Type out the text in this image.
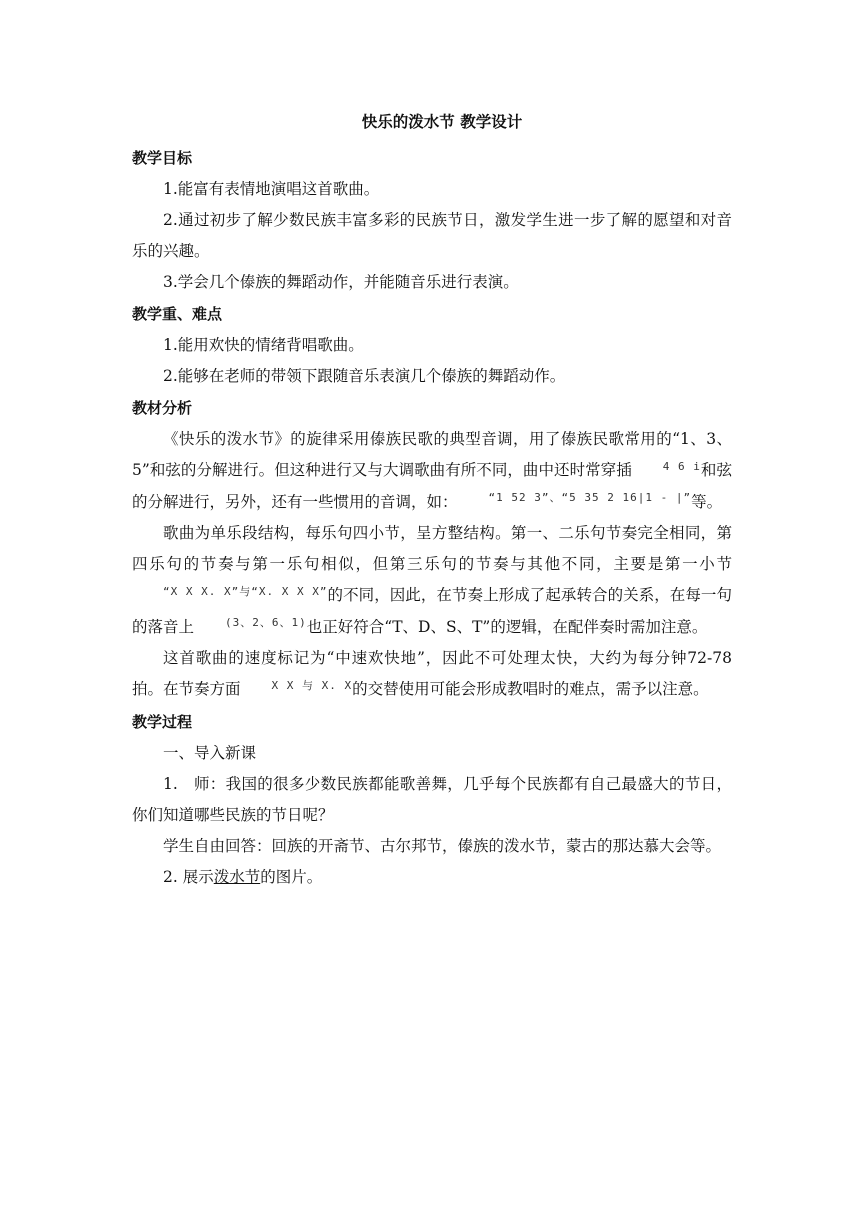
快乐的泼水节 教学设计
教学目标

1.能富有表情地演唱这首歌曲。

2.通过初步了解少数民族丰富多彩的民族节日，激发学生进一步了解的愿望和对音乐的兴趣。

3.学会几个傣族的舞蹈动作，并能随音乐进行表演。

教学重、难点

1.能用欢快的情绪背唱歌曲。

2.能够在老师的带领下跟随音乐表演几个傣族的舞蹈动作。

教材分析

《快乐的泼水节》的旋律采用傣族民歌的典型音调，用了傣族民歌常用的“1、3、5”和弦的分解进行。但这种进行又与大调歌曲有所不同，曲中还时常穿插	4 6 i和弦的分解进行，另外，还有一些惯用的音调，如：	“1 52 3”、“5 35 2 16|1 - |”等。

歌曲为单乐段结构，每乐句四小节，呈方整结构。第一、二乐句节奏完全相同，第四乐句的节奏与第一乐句相似，但第三乐句的节奏与其他不同，主要是第一小节“X X X. X”与“X. X X X”的不同，因此，在节奏上形成了起承转合的关系，在每一句的落音上	(3、2、6、1)也正好符合“T、D、S、T”的逻辑，在配伴奏时需加注意。

这首歌曲的速度标记为“中速欢快地”，因此不可处理太快，大约为每分钟72-78拍。在节奏方面	X X 与 X. X的交替使用可能会形成教唱时的难点，需予以注意。

教学过程

一、导入新课

1.　师：我国的很多少数民族都能歌善舞，几乎每个民族都有自己最盛大的节日，你们知道哪些民族的节日呢？

学生自由回答：回族的开斋节、古尔邦节，傣族的泼水节，蒙古的那达慕大会等。

2. 展示泼水节的图片。
